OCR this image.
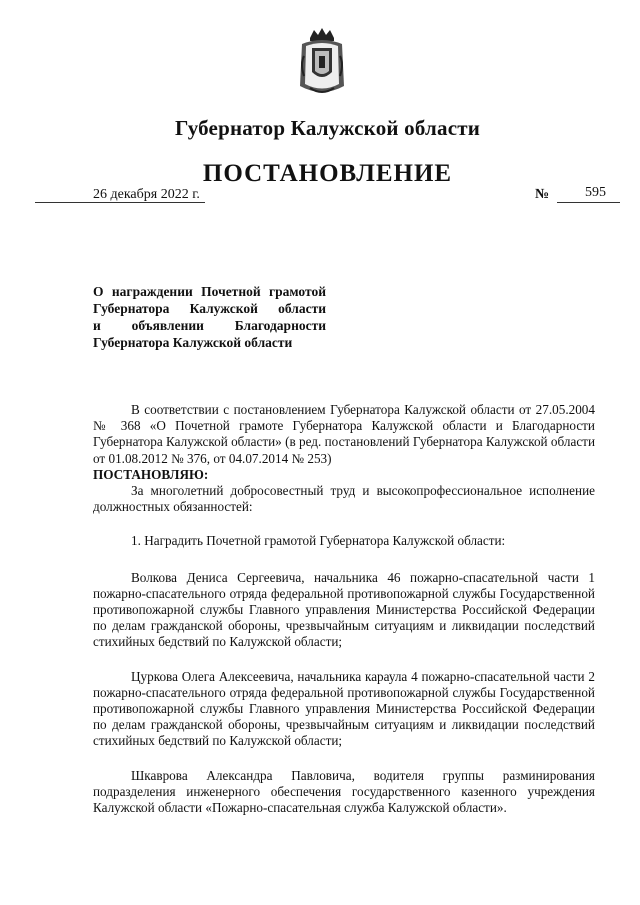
Губернатор Калужской области
ПОСТАНОВЛЕНИЕ
26 декабря 2022 г.	№	595
О награждении Почетной грамотой
Губернатора Калужской области
и объявлении Благодарности
Губернатора Калужской области

В соответствии с постановлением Губернатора Калужской области от 27.05.2004 № 368 «О Почетной грамоте Губернатора Калужской области и Благодарности Губернатора Калужской области» (в ред. постановлений Губернатора Калужской области от 01.08.2012 № 376, от 04.07.2014 № 253)

ПОСТАНОВЛЯЮ:

За многолетний добросовестный труд и высокопрофессиональное исполнение должностных обязанностей:

1. Наградить Почетной грамотой Губернатора Калужской области:

Волкова Дениса Сергеевича, начальника 46 пожарно-спасательной части 1 пожарно-спасательного отряда федеральной противопожарной службы Государственной противопожарной службы Главного управления Министерства Российской Федерации по делам гражданской обороны, чрезвычайным ситуациям и ликвидации последствий стихийных бедствий по Калужской области;

Цуркова Олега Алексеевича, начальника караула 4 пожарно-спасательной части 2 пожарно-спасательного отряда федеральной противопожарной службы Государственной противопожарной службы Главного управления Министерства Российской Федерации по делам гражданской обороны, чрезвычайным ситуациям и ликвидации последствий стихийных бедствий по Калужской области;

Шкаврова Александра Павловича, водителя группы разминирования подразделения инженерного обеспечения государственного казенного учреждения Калужской области «Пожарно-спасательная служба Калужской области».
